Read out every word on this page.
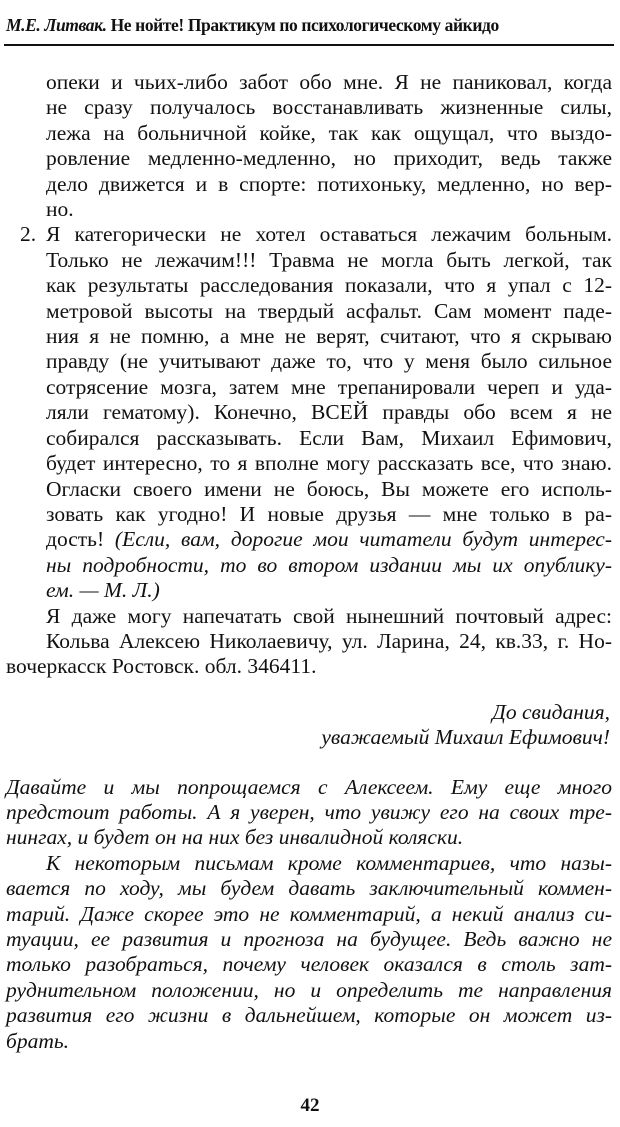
М.Е. Литвак. Не нойте! Практикум по психологическому айкидо
опеки и чьих-либо забот обо мне. Я не паниковал, когда
не сразу получалось восстанавливать жизненные силы,
лежа на больничной койке, так как ощущал, что выздо-
ровление медленно-медленно, но приходит, ведь также
дело движется и в спорте: потихоньку, медленно, но вер-
но.
2. Я категорически не хотел оставаться лежачим больным.
Только не лежачим!!! Травма не могла быть легкой, так
как результаты расследования показали, что я упал с 12-
метровой высоты на твердый асфальт. Сам момент паде-
ния я не помню, а мне не верят, считают, что я скрываю
правду (не учитывают даже то, что у меня было сильное
сотрясение мозга, затем мне трепанировали череп и уда-
ляли гематому). Конечно, ВСЕЙ правды обо всем я не
собирался рассказывать. Если Вам, Михаил Ефимович,
будет интересно, то я вполне могу рассказать все, что знаю.
Огласки своего имени не боюсь, Вы можете его исполь-
зовать как угодно! И новые друзья — мне только в ра-
дость! (Если, вам, дорогие мои читатели будут интерес-
ны подробности, то во втором издании мы их опублику-
ем. — М. Л.)
Я даже могу напечатать свой нынешний почтовый адрес:
Кольва Алексею Николаевичу, ул. Ларина, 24, кв.33, г. Но-
вочеркасск Ростовск. обл. 346411.
До свидания,
уважаемый Михаил Ефимович!
Давайте и мы попрощаемся с Алексеем. Ему еще много
предстоит работы. А я уверен, что увижу его на своих тре-
нингах, и будет он на них без инвалидной коляски.
К некоторым письмам кроме комментариев, что назы-
вается по ходу, мы будем давать заключительный коммен-
тарий. Даже скорее это не комментарий, а некий анализ си-
туации, ее развития и прогноза на будущее. Ведь важно не
только разобраться, почему человек оказался в столь зат-
руднительном положении, но и определить те направления
развития его жизни в дальнейшем, которые он может из-
брать.
42
